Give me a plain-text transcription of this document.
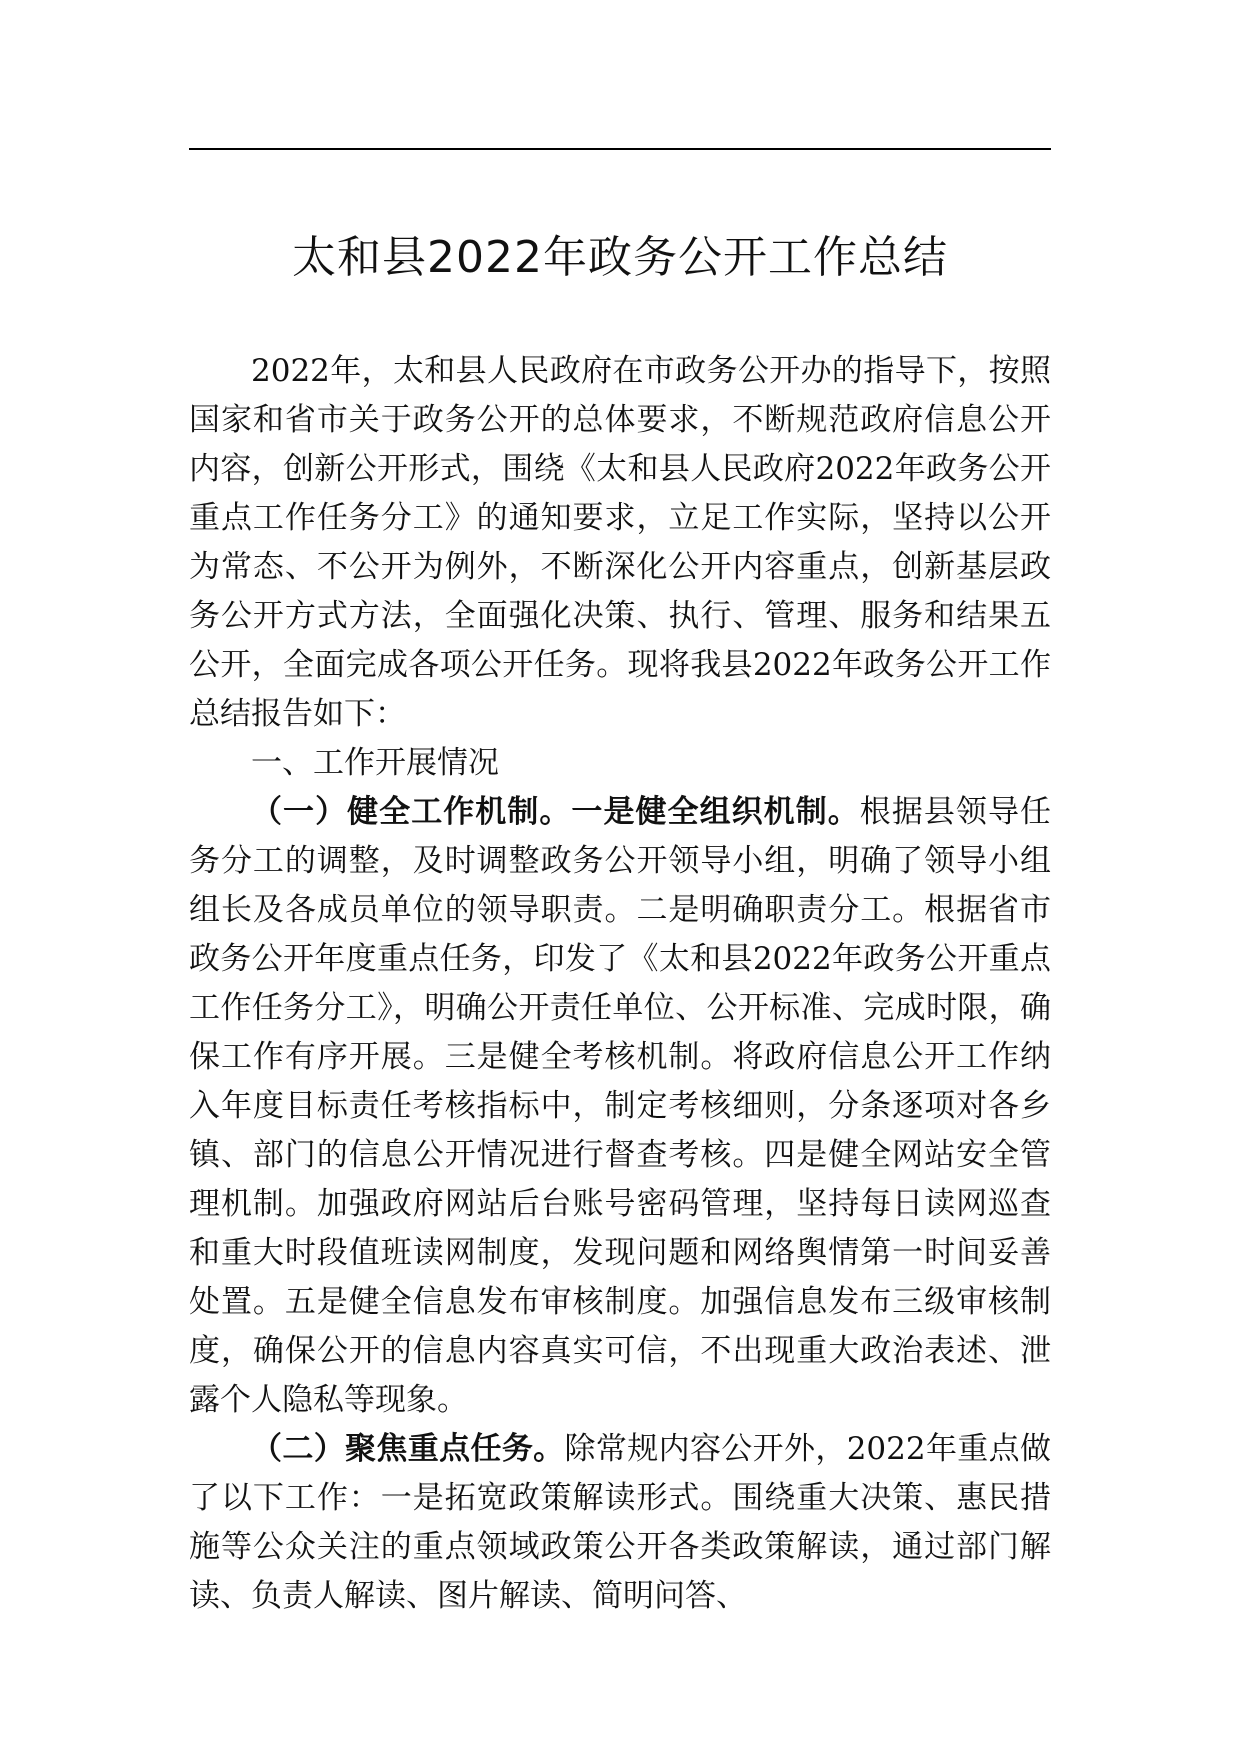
太和县2022年政务公开工作总结

2022年，太和县人民政府在市政务公开办的指导下，按照国家和省市关于政务公开的总体要求，不断规范政府信息公开内容，创新公开形式，围绕《太和县人民政府2022年政务公开重点工作任务分工》的通知要求，立足工作实际，坚持以公开为常态、不公开为例外，不断深化公开内容重点，创新基层政务公开方式方法，全面强化决策、执行、管理、服务和结果五公开，全面完成各项公开任务。现将我县2022年政务公开工作总结报告如下：

一、工作开展情况

（一）健全工作机制。一是健全组织机制。根据县领导任务分工的调整，及时调整政务公开领导小组，明确了领导小组组长及各成员单位的领导职责。二是明确职责分工。根据省市政务公开年度重点任务，印发了《太和县2022年政务公开重点工作任务分工》，明确公开责任单位、公开标准、完成时限，确保工作有序开展。三是健全考核机制。将政府信息公开工作纳入年度目标责任考核指标中，制定考核细则，分条逐项对各乡镇、部门的信息公开情况进行督查考核。四是健全网站安全管理机制。加强政府网站后台账号密码管理，坚持每日读网巡查和重大时段值班读网制度，发现问题和网络舆情第一时间妥善处置。五是健全信息发布审核制度。加强信息发布三级审核制度，确保公开的信息内容真实可信，不出现重大政治表述、泄露个人隐私等现象。

（二）聚焦重点任务。除常规内容公开外，2022年重点做了以下工作：一是拓宽政策解读形式。围绕重大决策、惠民措施等公众关注的重点领域政策公开各类政策解读，通过部门解读、负责人解读、图片解读、简明问答、
